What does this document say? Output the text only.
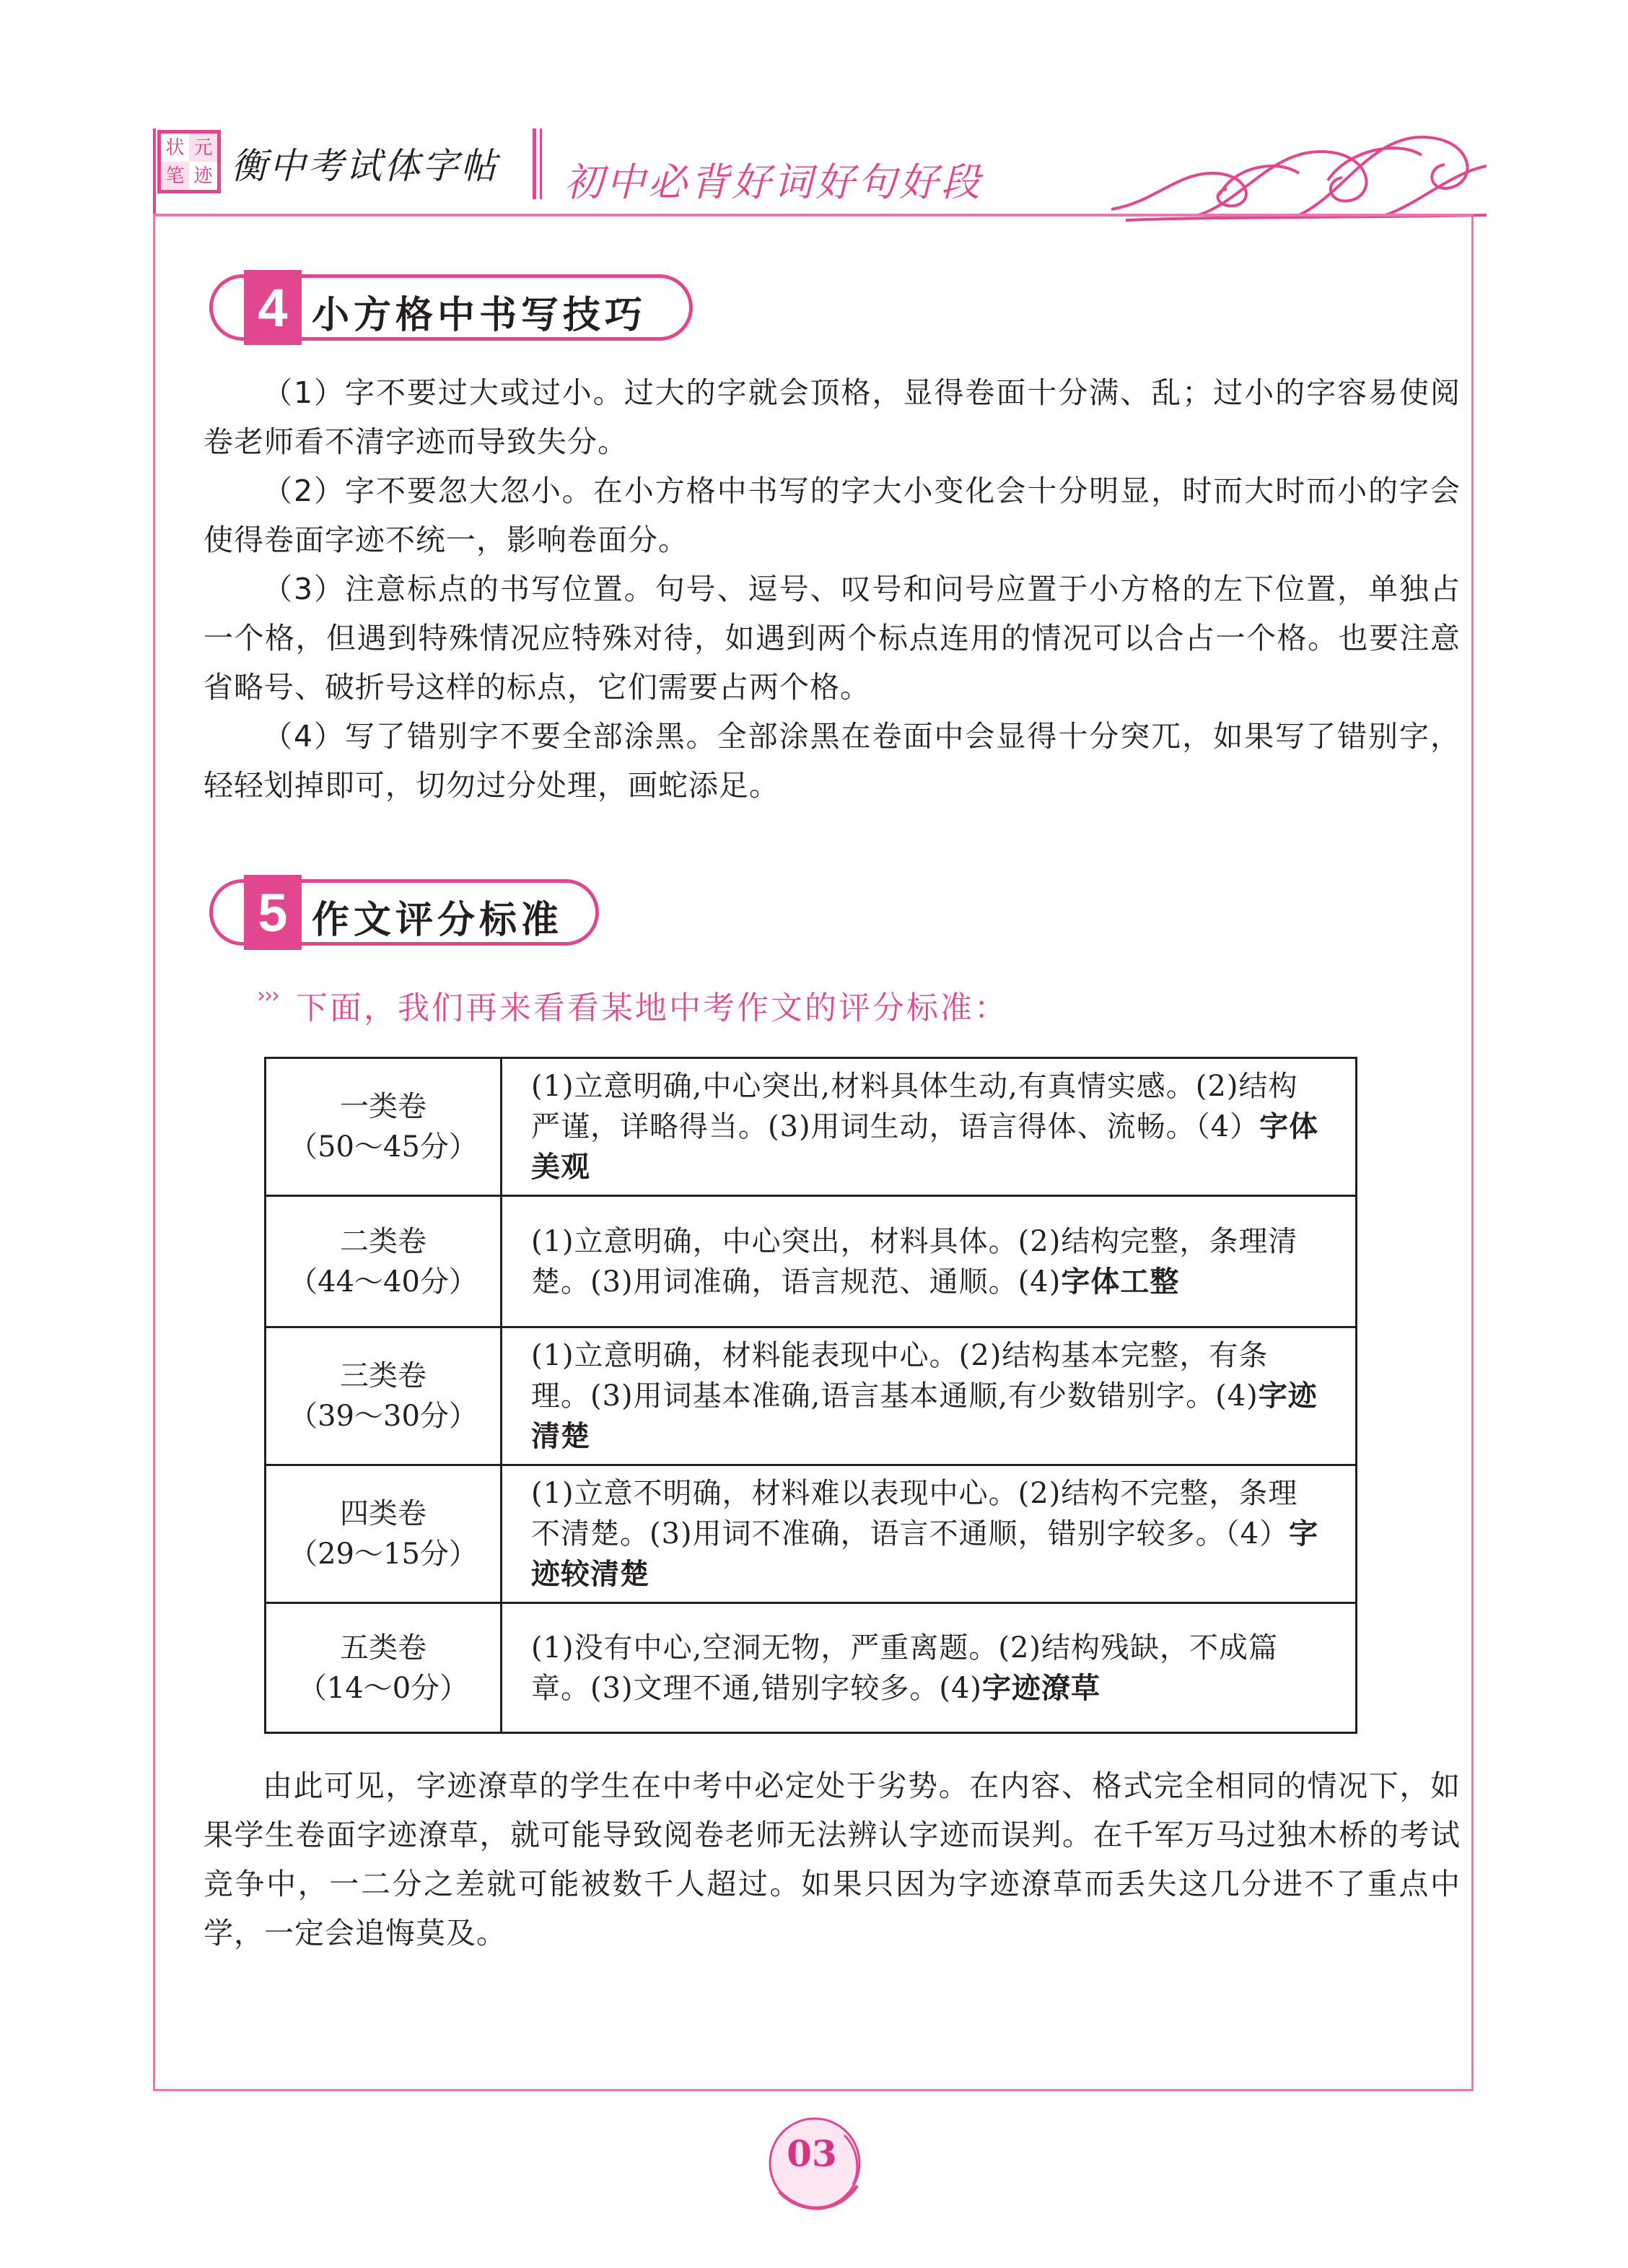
状 元
笔 迹 衡中考试体字帖 初中必背好词好句好段
4 小方格中书写技巧

（1）字不要过大或过小。过大的字就会顶格，显得卷面十分满、乱；过小的字容易使阅卷老师看不清字迹而导致失分。

（2）字不要忽大忽小。在小方格中书写的字大小变化会十分明显，时而大时而小的字会使得卷面字迹不统一，影响卷面分。

（3）注意标点的书写位置。句号、逗号、叹号和问号应置于小方格的左下位置，单独占一个格，但遇到特殊情况应特殊对待，如遇到两个标点连用的情况可以合占一个格。也要注意省略号、破折号这样的标点，它们需要占两个格。

（4）写了错别字不要全部涂黑。全部涂黑在卷面中会显得十分突兀，如果写了错别字，轻轻划掉即可，切勿过分处理，画蛇添足。

5 作文评分标准
››› 下面，我们再来看看某地中考作文的评分标准：
一类卷
（50～45分）	(1)立意明确,中心突出,材料具体生动,有真情实感。(2)结构严谨，详略得当。(3)用词生动，语言得体、流畅。（4）字体美观

二类卷
（44～40分）	(1)立意明确，中心突出，材料具体。(2)结构完整，条理清楚。(3)用词准确，语言规范、通顺。(4)字体工整

三类卷
（39～30分）	(1)立意明确，材料能表现中心。(2)结构基本完整，有条理。(3)用词基本准确,语言基本通顺,有少数错别字。(4)字迹清楚

四类卷
（29～15分）	(1)立意不明确，材料难以表现中心。(2)结构不完整，条理不清楚。(3)用词不准确，语言不通顺，错别字较多。（4）字迹较清楚

五类卷
（14～0分）	(1)没有中心,空洞无物，严重离题。(2)结构残缺，不成篇章。(3)文理不通,错别字较多。(4)字迹潦草

由此可见，字迹潦草的学生在中考中必定处于劣势。在内容、格式完全相同的情况下，如果学生卷面字迹潦草，就可能导致阅卷老师无法辨认字迹而误判。在千军万马过独木桥的考试竞争中，一二分之差就可能被数千人超过。如果只因为字迹潦草而丢失这几分进不了重点中学，一定会追悔莫及。

03
